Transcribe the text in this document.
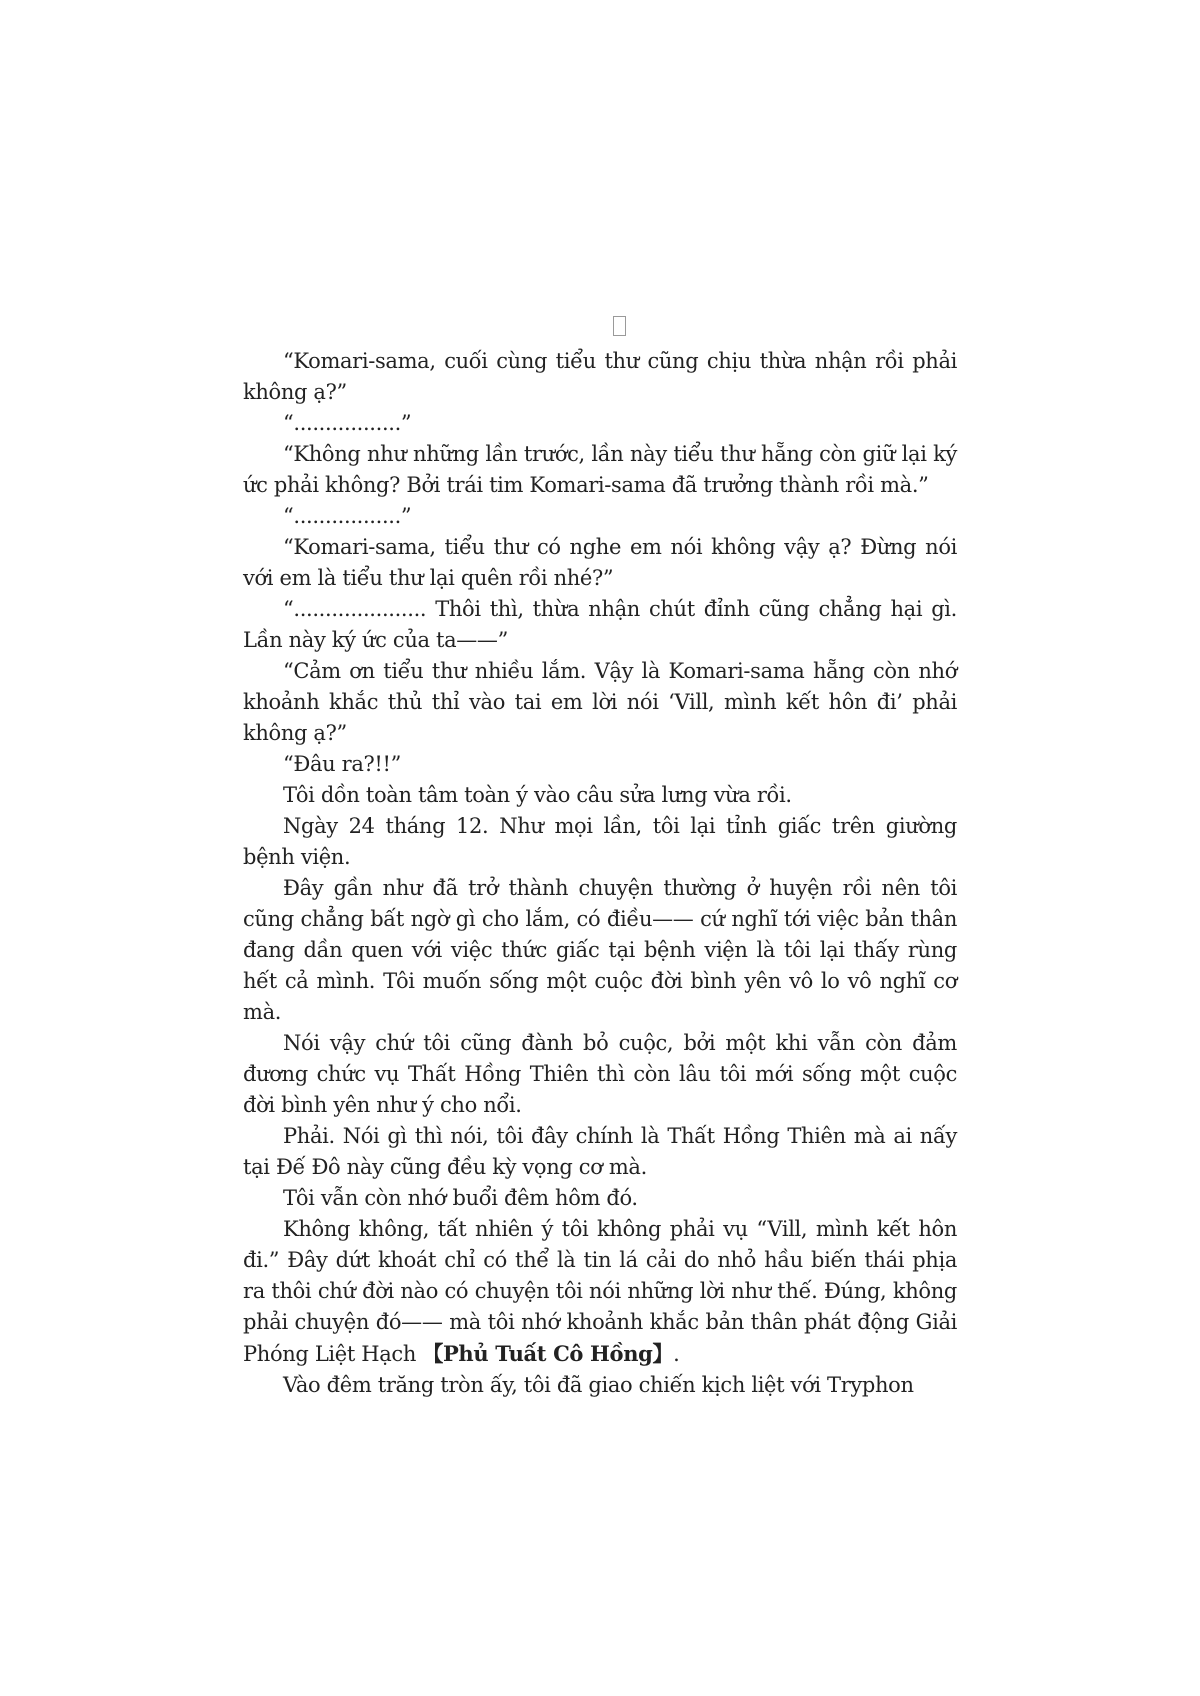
“Komari-sama, cuối cùng tiểu thư cũng chịu thừa nhận rồi phải không ạ?”

“.................”

“Không như những lần trước, lần này tiểu thư hẵng còn giữ lại ký ức phải không? Bởi trái tim Komari-sama đã trưởng thành rồi mà.”

“.................”

“Komari-sama, tiểu thư có nghe em nói không vậy ạ? Đừng nói với em là tiểu thư lại quên rồi nhé?”

“..................... Thôi thì, thừa nhận chút đỉnh cũng chẳng hại gì. Lần này ký ức của ta——”

“Cảm ơn tiểu thư nhiều lắm. Vậy là Komari-sama hẵng còn nhớ khoảnh khắc thủ thỉ vào tai em lời nói ‘Vill, mình kết hôn đi’ phải không ạ?”

“Đâu ra?!!”

Tôi dồn toàn tâm toàn ý vào câu sửa lưng vừa rồi.

Ngày 24 tháng 12. Như mọi lần, tôi lại tỉnh giấc trên giường bệnh viện.

Đây gần như đã trở thành chuyện thường ở huyện rồi nên tôi cũng chẳng bất ngờ gì cho lắm, có điều—— cứ nghĩ tới việc bản thân đang dần quen với việc thức giấc tại bệnh viện là tôi lại thấy rùng hết cả mình. Tôi muốn sống một cuộc đời bình yên vô lo vô nghĩ cơ mà.

Nói vậy chứ tôi cũng đành bỏ cuộc, bởi một khi vẫn còn đảm đương chức vụ Thất Hồng Thiên thì còn lâu tôi mới sống một cuộc đời bình yên như ý cho nổi.

Phải. Nói gì thì nói, tôi đây chính là Thất Hồng Thiên mà ai nấy tại Đế Đô này cũng đều kỳ vọng cơ mà.

Tôi vẫn còn nhớ buổi đêm hôm đó.

Không không, tất nhiên ý tôi không phải vụ “Vill, mình kết hôn đi.” Đây dứt khoát chỉ có thể là tin lá cải do nhỏ hầu biến thái phịa ra thôi chứ đời nào có chuyện tôi nói những lời như thế. Đúng, không phải chuyện đó—— mà tôi nhớ khoảnh khắc bản thân phát động Giải Phóng Liệt Hạch 【Phủ Tuất Cô Hồng】.

Vào đêm trăng tròn ấy, tôi đã giao chiến kịch liệt với Tryphon
